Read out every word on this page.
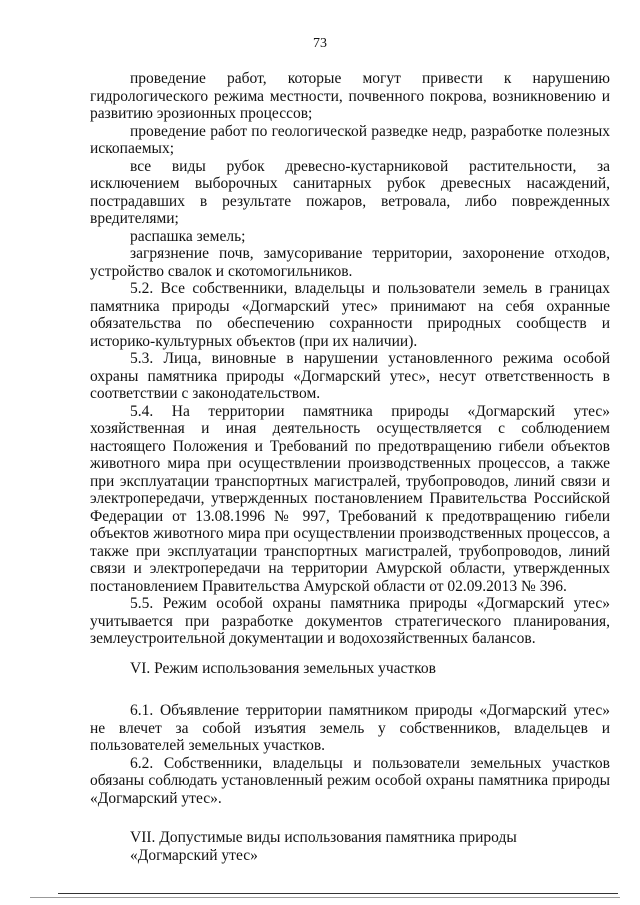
73

проведение работ, которые могут привести к нарушению гидрологического режима местности, почвенного покрова, возникновению и развитию эрозионных процессов;

проведение работ по геологической разведке недр, разработке полезных ископаемых;

все виды рубок древесно-кустарниковой растительности, за исключением выборочных санитарных рубок древесных насаждений, пострадавших в результате пожаров, ветровала, либо поврежденных вредителями;

распашка земель;

загрязнение почв, замусоривание территории, захоронение отходов, устройство свалок и скотомогильников.

5.2. Все собственники, владельцы и пользователи земель в границах памятника природы «Догмарский утес» принимают на себя охранные обязательства по обеспечению сохранности природных сообществ и историко-культурных объектов (при их наличии).

5.3. Лица, виновные в нарушении установленного режима особой охраны памятника природы «Догмарский утес», несут ответственность в соответствии с законодательством.

5.4. На территории памятника природы «Догмарский утес» хозяйственная и иная деятельность осуществляется с соблюдением настоящего Положения и Требований по предотвращению гибели объектов животного мира при осуществлении производственных процессов, а также при эксплуатации транспортных магистралей, трубопроводов, линий связи и электропередачи, утвержденных постановлением Правительства Российской Федерации от 13.08.1996 № 997, Требований к предотвращению гибели объектов животного мира при осуществлении производственных процессов, а также при эксплуатации транспортных магистралей, трубопроводов, линий связи и электропередачи на территории Амурской области, утвержденных постановлением Правительства Амурской области от 02.09.2013 № 396.

5.5. Режим особой охраны памятника природы «Догмарский утес» учитывается при разработке документов стратегического планирования, землеустроительной документации и водохозяйственных балансов.

VI. Режим использования земельных участков

6.1. Объявление территории памятником природы «Догмарский утес» не влечет за собой изъятия земель у собственников, владельцев и пользователей земельных участков.

6.2. Собственники, владельцы и пользователи земельных участков обязаны соблюдать установленный режим особой охраны памятника природы «Догмарский утес».

VII. Допустимые виды использования памятника природы

«Догмарский утес»
